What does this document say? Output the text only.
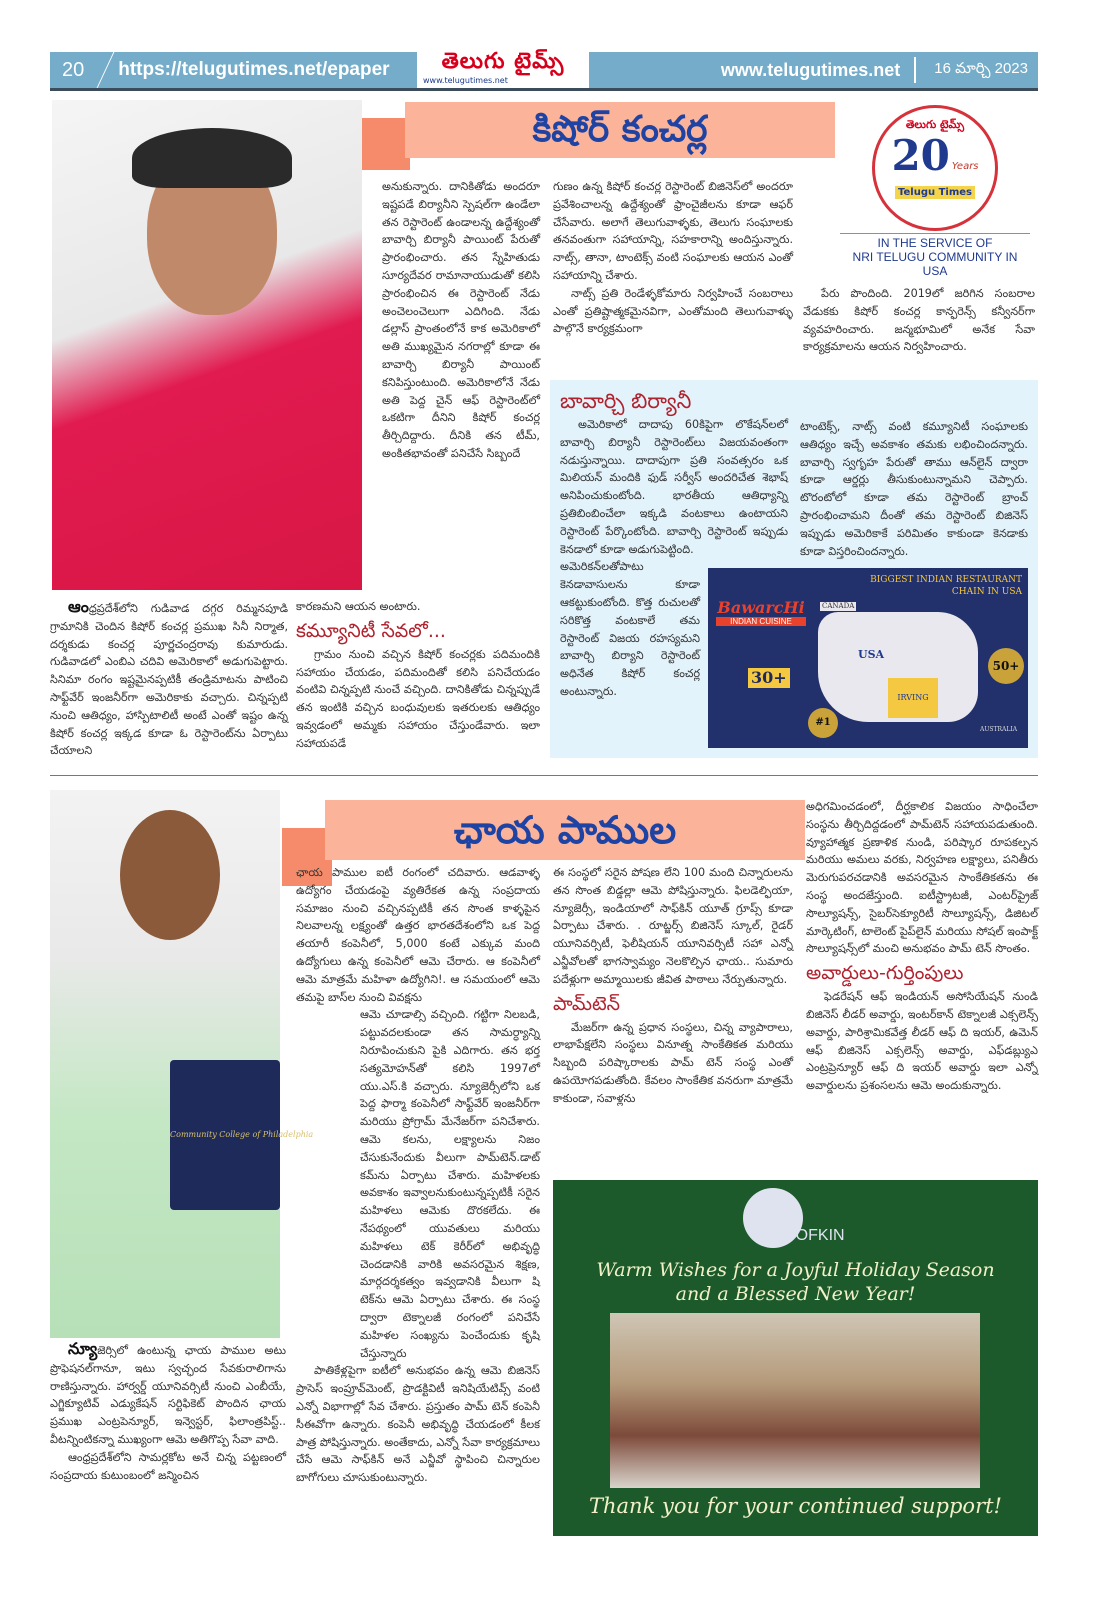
20	https://telugutimes.net/epaper	తెలుగు టైమ్స్
www.telugutimes.net
www.telugutimes.net	16 మార్చి 2023
కిషోర్ కంచర్ల	తెలుగు టైమ్స్
20 Years
Telugu Times
IN THE SERVICE OF
NRI TELUGU COMMUNITY IN USA

అనుకున్నారు. దానికితోడు అందరూ ఇష్టపడే బిర్యానీని స్పెషల్‌గా ఉండేలా తన రెస్టారెంట్ ఉండాలన్న ఉద్దేశ్యంతో బావార్చి బిర్యానీ పాయింట్ పేరుతో ప్రారంభించారు. తన స్నేహితుడు సూర్యదేవర రామానాయుడుతో కలిసి ప్రారంభించిన ఈ రెస్టారెంట్ నేడు అంచెలంచెలుగా ఎదిగింది. నేడు డల్లాస్ ప్రాంతంలోనే కాక అమెరికాలో అతి ముఖ్యమైన నగరాల్లో కూడా ఈ బావార్చి బిర్యానీ పాయింట్ కనిపిస్తుంటుంది. అమెరికాలోనే నేడు అతి పెద్ద చైన్ ఆఫ్ రెస్టారెంట్‌లో ఒకటిగా దీనిని కిషోర్ కంచర్ల తీర్చిదిద్దారు. దీనికి తన టీమ్, అంకితభావంతో పనిచేసే సిబ్బందే

గుణం ఉన్న కిషోర్ కంచర్ల రెస్టారెంట్ బిజినెస్‌లో అందరూ ప్రవేశించాలన్న ఉద్దేశ్యంతో ఫ్రాంచైజీలను కూడా ఆఫర్ చేసేవారు. అలాగే తెలుగువాళ్ళకు, తెలుగు సంఘాలకు తనవంతుగా సహాయాన్ని, సహకారాన్ని అందిస్తున్నారు. నాట్స్, తానా, టాంటెక్స్ వంటి సంఘాలకు ఆయన ఎంతో సహాయాన్ని చేశారు.

నాట్స్ ప్రతి రెండేళ్ళకోమారు నిర్వహించే సంబరాలు ఎంతో ప్రతిష్టాత్మకమైనవిగా, ఎంతోమంది తెలుగువాళ్ళు పాల్గొనే కార్యక్రమంగా

పేరు పొందింది. 2019లో జరిగిన సంబరాల వేడుకకు కిషోర్ కంచర్ల కాన్ఫరెన్స్ కన్వీనర్‌గా వ్యవహరించారు. జన్మభూమిలో అనేక సేవా కార్యక్రమాలను ఆయన నిర్వహించారు.

ఆంధ్రప్రదేశ్‌లోని గుడివాడ దగ్గర రిమ్మనపూడి గ్రామానికి చెందిన కిషోర్ కంచర్ల ప్రముఖ సినీ నిర్మాత, దర్శకుడు కంచర్ల పూర్ణచంద్రరావు కుమారుడు. గుడివాడలో ఎంబిఎ చదివి అమెరికాలో అడుగుపెట్టారు. సినిమా రంగం ఇష్టమైనప్పటికీ తండ్రిమాటను పాటించి సాఫ్ట్‌వేర్ ఇంజనీర్‌గా అమెరికాకు వచ్చారు. చిన్నప్పటి నుంచి ఆతిధ్యం, హాస్పిటాలిటీ అంటే ఎంతో ఇష్టం ఉన్న కిషోర్ కంచర్ల ఇక్కడ కూడా ఓ రెస్టారెంట్‌ను ఏర్పాటు చేయాలని

కారణమని ఆయన అంటారు.

కమ్యూనిటీ సేవలో...

గ్రామం నుంచి వచ్చిన కిషోర్ కంచర్లకు పదిమందికి సహాయం చేయడం, పదిమందితో కలిసి పనిచేయడం వంటివి చిన్నప్పటి నుంచే వచ్చింది. దానికితోడు చిన్నప్పుడే తన ఇంటికి వచ్చిన బంధువులకు ఇతరులకు ఆతిధ్యం ఇవ్వడంలో అమ్మకు సహాయం చేస్తుండేవారు. ఇలా సహాయపడే

బావార్చి బిర్యానీ

అమెరికాలో దాదాపు 60కిపైగా లొకేషన్‌లలో బావార్చి బిర్యానీ రెస్టారెంట్‌లు విజయవంతంగా నడుస్తున్నాయి. దాదాపుగా ప్రతి సంవత్సరం ఒక మిలియన్ మందికి ఫుడ్ సర్వీస్ అందరిచేత శెభాష్ అనిపించుకుంటోంది. భారతీయ ఆతిధ్యాన్ని ప్రతిబింబించేలా ఇక్కడి వంటకాలు ఉంటాయని రెస్టారెంట్ పేర్కొంటోంది. బావార్చి రెస్టారెంట్ ఇప్పుడు కెనడాలో కూడా అడుగుపెట్టింది.

అమెరికన్‌లతోపాటు కెనడావాసులను కూడా ఆకట్టుకుంటోంది. కొత్త రుచులతో సరికొత్త వంటకాలే తమ రెస్టారెంట్ విజయ రహస్యమని బావార్చి బిర్యాని రెస్టారెంట్ అధినేత కిషోర్ కంచర్ల అంటున్నారు.

టాంటెక్స్, నాట్స్ వంటి కమ్యూనిటీ సంఘాలకు ఆతిధ్యం ఇచ్చే అవకాశం తమకు లభించిందన్నారు. బావార్చి స్వగృహ పేరుతో తాము ఆన్‌లైన్ ద్వారా కూడా ఆర్డర్లు తీసుకుంటున్నామని చెప్పారు. టొరంటోలో కూడా తమ రెస్టారెంట్ బ్రాంచ్ ప్రారంభించామని దీంతో తమ రెస్టారెంట్ బిజినెస్ ఇప్పుడు అమెరికాకే పరిమితం కాకుండా కెనడాకు కూడా విస్తరించిందన్నారు.

BawarcHi
INDIAN CUISINE
BIGGEST INDIAN RESTAURANT CHAIN IN USA
CANADA
USA
IRVING
AUSTRALIA
30+
50+
#1
Community College of Philadelphia
ఛాయ పాముల

న్యూజెర్సిలో ఉంటున్న ఛాయ పాముల అటు ప్రొఫెషనల్‌గానూ, ఇటు స్వచ్ఛంద సేవకురాలిగాను రాణిస్తున్నారు. హార్వర్డ్ యూనివర్సిటీ నుంచి ఎంబీయే, ఎగ్జిక్యూటివ్ ఎడ్యుకేషన్ సర్టిఫికెట్ పొందిన ఛాయ ప్రముఖ ఎంట్రపెన్యూర్, ఇన్వెస్టర్, ఫిలాంత్రపిస్ట్.. వీటన్నింటికన్నా ముఖ్యంగా ఆమె అతిగొప్ప సేవా వాది.

ఆంధ్రప్రదేశ్‌లోని సామర్లకోట అనే చిన్న పట్టణంలో సంప్రదాయ కుటుంబంలో జన్మించిన

ఛాయ పాముల ఐటీ రంగంలో చదివారు. ఆడవాళ్ళ ఉద్యోగం చేయడంపై వ్యతిరేకత ఉన్న సంప్రదాయ సమాజం నుంచి వచ్చినప్పటికీ తన సొంత కాళ్ళపైన నిలవాలన్న లక్ష్యంతో ఉత్తర భారతదేశంలోని ఒక పెద్ద తయారీ కంపెనీలో, 5,000 కంటే ఎక్కువ మంది ఉద్యోగులు ఉన్న కంపెనీలో ఆమె చేరారు. ఆ కంపెనీలో ఆమె మాత్రమే మహిళా ఉద్యోగిని!. ఆ సమయంలో ఆమె తమపై బాస్‌ల నుంచి వివక్షను

ఆమె చూడాల్సి వచ్చింది. గట్టిగా నిలబడి, పట్టువదలకుండా తన సామర్ధ్యాన్ని నిరూపించుకుని పైకి ఎదిగారు. తన భర్త సత్యమోహన్‌తో కలిసి 1997లో యు.ఎస్.కి వచ్చారు. న్యూజెర్సీలోని ఒక పెద్ద ఫార్మా కంపెనీలో సాఫ్ట్‌వేర్ ఇంజనీర్‌గా మరియు ప్రోగ్రామ్ మేనేజర్‌గా పనిచేశారు. ఆమె కలను, లక్ష్యాలను నిజం చేసుకునేందుకు వీలుగా పామ్‌టెన్.డాట్ కమ్‌ను ఏర్పాటు చేశారు. మహిళలకు అవకాశం ఇవ్వాలనుకుంటున్నప్పటికీ సరైన మహిళలు ఆమెకు దొరకలేదు. ఈ నేపథ్యంలో యువతులు మరియు మహిళలు టెక్ కెరీర్‌లో అభివృద్ధి చెందడానికి వారికి అవసరమైన శిక్షణ, మార్గదర్శకత్వం ఇవ్వడానికి వీలుగా షి టెక్‌ను ఆమె ఏర్పాటు చేశారు. ఈ సంస్థ ద్వారా టెక్నాలజీ రంగంలో పనిచేసే మహిళల సంఖ్యను పెంచేందుకు కృషి చేస్తున్నారు

పాతికేళ్లపైగా ఐటీలో అనుభవం ఉన్న ఆమె బిజినెస్ ప్రాసెస్ ఇంప్రూవ్‌మెంట్, ప్రొడక్టివిటీ ఇనిషియేటివ్స్ వంటి ఎన్నో విభాగాల్లో సేవ చేశారు. ప్రస్తుతం పామ్ టెన్ కంపెనీ సీఈవోగా ఉన్నారు. కంపెనీ అభివృద్ధి చేయడంలో కీలక పాత్ర పోషిస్తున్నారు. అంతేకాదు, ఎన్నో సేవా కార్యక్రమాలు చేసే ఆమె సాఫ్‌కిన్ అనే ఎన్జీవో స్థాపించి చిన్నారుల బాగోగులు చూసుకుంటున్నారు.

ఈ సంస్థలో సరైన పోషణ లేని 100 మంది చిన్నారులను తన సొంత బిడ్డల్లా ఆమె పోషిస్తున్నారు. ఫిలడెల్ఫియా, న్యూజెర్సీ, ఇండియాలో సాఫ్‌కిన్ యూత్ గ్రూప్స్ కూడా ఏర్పాటు చేశారు. . రూట్జర్స్ బిజినెస్ స్కూల్, రైడర్ యూనివర్సిటీ, ఫెలీషియన్ యూనివర్సిటీ సహా ఎన్నో ఎన్జీవోలతో భాగస్వామ్యం నెలకొల్పిన ఛాయ.. సుమారు పదేళ్లుగా అమ్మాయిలకు జీవిత పాఠాలు నేర్పుతున్నారు.

పామ్‌టెన్

మేజర్‌గా ఉన్న ప్రధాన సంస్థలు, చిన్న వ్యాపారాలు, లాభాపేక్షలేని సంస్థలు వినూత్న సాంకేతికత మరియు సిబ్బంది పరిష్కారాలకు పామ్ టెన్ సంస్థ ఎంతో ఉపయోగపడుతోంది. కేవలం సాంకేతిక వనరుగా మాత్రమే కాకుండా, సవాళ్లను

అధిగమించడంలో, దీర్ఘకాలిక విజయం సాధించేలా సంస్థను తీర్చిదిద్దడంలో పామ్‌టెన్ సహాయపడుతుంది. వ్యూహాత్మక ప్రణాళిక నుండి, పరిష్కార రూపకల్పన మరియు అమలు వరకు, నిర్వహణ లక్ష్యాలు, పనితీరు మెరుగుపరచడానికి అవసరమైన సాంకేతికతను ఈ సంస్థ అందజేస్తుంది. ఐటీస్ట్రాటజీ, ఎంటర్‌ప్రైజ్ సొల్యూషన్స్, సైబర్‌సెక్యూరిటీ సొల్యూషన్స్, డిజిటల్ మార్కెటింగ్, టాలెంట్ పైప్‌లైన్ మరియు సోషల్ ఇంపాక్ట్ సొల్యూషన్స్‌లో మంచి అనుభవం పామ్ టెన్ సొంతం.

అవార్డులు-గుర్తింపులు

ఫెడరేషన్ ఆఫ్ ఇండియన్ అసోసియేషన్ నుండి బిజినెస్ లీడర్ అవార్డు, ఇంటర్‌కాన్ టెక్నాలజీ ఎక్సలెన్స్ అవార్డు, పారిశ్రామికవేత్త లీడర్ ఆఫ్ ది ఇయర్, ఉమెన్ ఆఫ్ బిజినెస్ ఎక్సలెన్స్ అవార్డు, ఎఫ్‌డబ్ల్యుఎ ఎంట్రప్రెన్యూర్ ఆఫ్ ది ఇయర్ అవార్డు ఇలా ఎన్నో అవార్డులను ప్రశంసలను ఆమె అందుకున్నారు.

SOFKIN
Warm Wishes for a Joyful Holiday Season
and a Blessed New Year!
Thank you for your continued support!
